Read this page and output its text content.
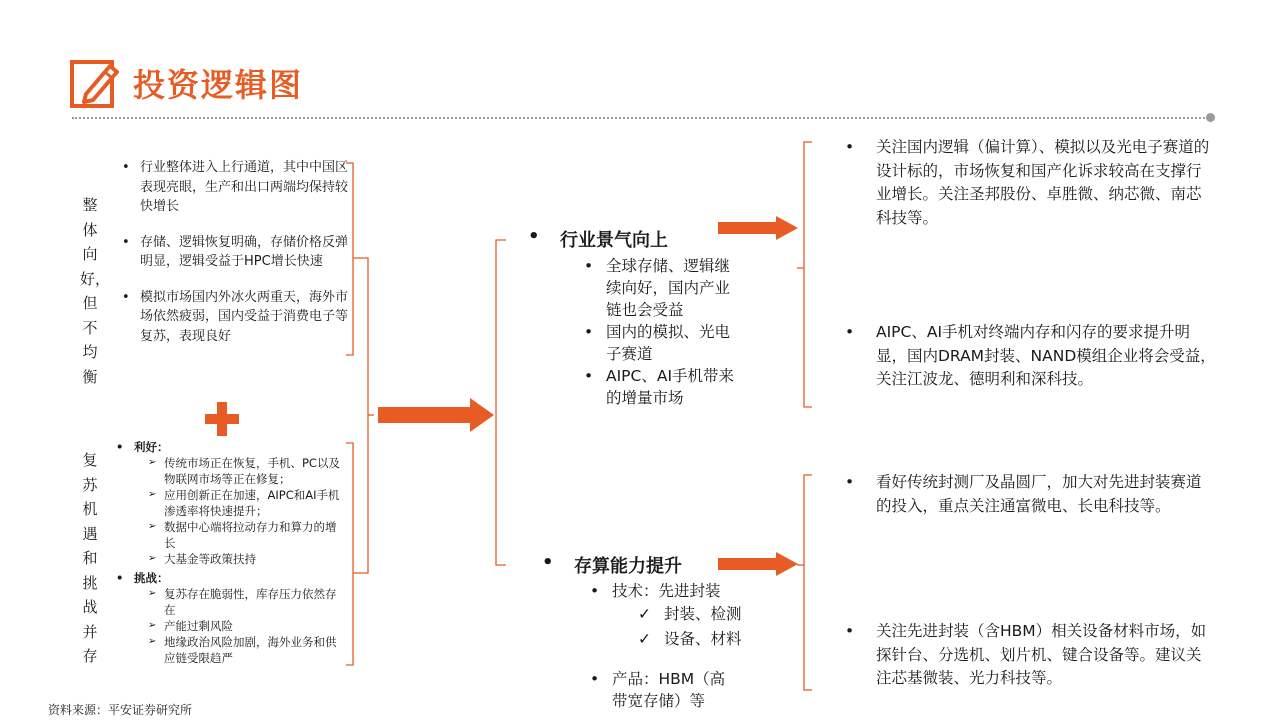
投资逻辑图
整体向好，但不均衡
• 行业整体进入上行通道，其中中国区表现亮眼，生产和出口两端均保持较快增长
• 存储、逻辑恢复明确，存储价格反弹明显，逻辑受益于HPC增长快速
• 模拟市场国内外冰火两重天，海外市场依然疲弱，国内受益于消费电子等复苏，表现良好
复苏机遇和挑战并存
• 利好：
➢ 传统市场正在恢复，手机、PC以及物联网市场等正在修复；
➢ 应用创新正在加速，AIPC和AI手机渗透率将快速提升；
➢ 数据中心端将拉动存力和算力的增长
➢ 大基金等政策扶持
• 挑战：
➢ 复苏存在脆弱性，库存压力依然存在
➢ 产能过剩风险
➢ 地缘政治风险加剧，海外业务和供应链受限趋严
• 行业景气向上
• 全球存储、逻辑继续向好，国内产业链也会受益
• 国内的模拟、光电子赛道
• AIPC、AI手机带来的增量市场
• 存算能力提升
• 技术：先进封装
✓ 封装、检测
✓ 设备、材料
• 产品：HBM（高带宽存储）等
• 关注国内逻辑（偏计算）、模拟以及光电子赛道的设计标的，市场恢复和国产化诉求较高在支撑行业增长。关注圣邦股份、卓胜微、纳芯微、南芯科技等。
• AIPC、AI手机对终端内存和闪存的要求提升明显，国内DRAM封装、NAND模组企业将会受益，关注江波龙、德明利和深科技。
• 看好传统封测厂及晶圆厂，加大对先进封装赛道的投入，重点关注通富微电、长电科技等。
• 关注先进封装（含HBM）相关设备材料市场，如探针台、分选机、划片机、键合设备等。建议关注芯基微装、光力科技等。
资料来源：平安证券研究所
